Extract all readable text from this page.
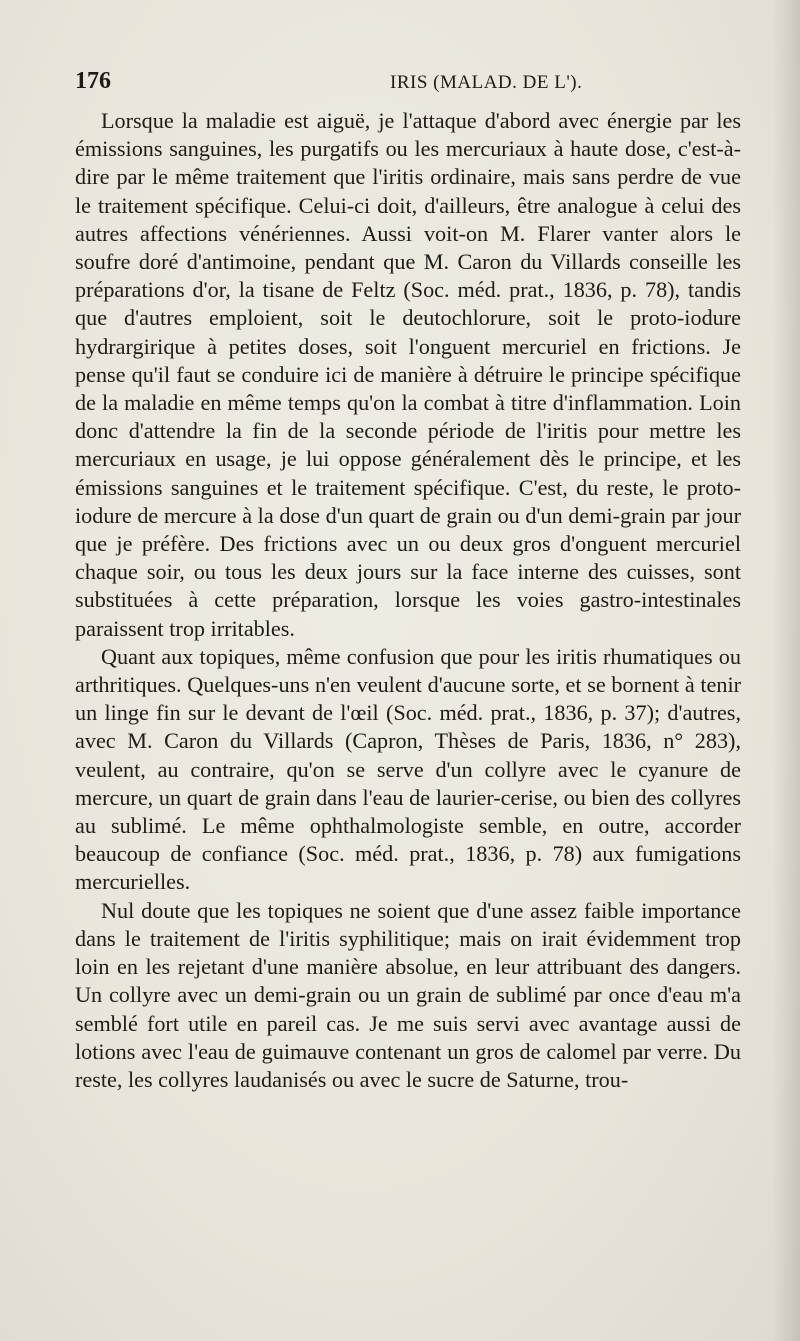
176	IRIS (MALAD. DE L').

Lorsque la maladie est aiguë, je l'attaque d'abord avec énergie par les émissions sanguines, les purgatifs ou les mercuriaux à haute dose, c'est-à-dire par le même traitement que l'iritis ordinaire, mais sans perdre de vue le traitement spécifique. Celui-ci doit, d'ailleurs, être analogue à celui des autres affections vénériennes. Aussi voit-on M. Flarer vanter alors le soufre doré d'antimoine, pendant que M. Caron du Villards conseille les préparations d'or, la tisane de Feltz (Soc. méd. prat., 1836, p. 78), tandis que d'autres emploient, soit le deutochlorure, soit le proto-iodure hydrargirique à petites doses, soit l'onguent mercuriel en frictions. Je pense qu'il faut se conduire ici de manière à détruire le principe spécifique de la maladie en même temps qu'on la combat à titre d'inflammation. Loin donc d'attendre la fin de la seconde période de l'iritis pour mettre les mercuriaux en usage, je lui oppose généralement dès le principe, et les émissions sanguines et le traitement spécifique. C'est, du reste, le proto-iodure de mercure à la dose d'un quart de grain ou d'un demi-grain par jour que je préfère. Des frictions avec un ou deux gros d'onguent mercuriel chaque soir, ou tous les deux jours sur la face interne des cuisses, sont substituées à cette préparation, lorsque les voies gastro-intestinales paraissent trop irritables.

Quant aux topiques, même confusion que pour les iritis rhumatiques ou arthritiques. Quelques-uns n'en veulent d'aucune sorte, et se bornent à tenir un linge fin sur le devant de l'œil (Soc. méd. prat., 1836, p. 37); d'autres, avec M. Caron du Villards (Capron, Thèses de Paris, 1836, n° 283), veulent, au contraire, qu'on se serve d'un collyre avec le cyanure de mercure, un quart de grain dans l'eau de laurier-cerise, ou bien des collyres au sublimé. Le même ophthalmologiste semble, en outre, accorder beaucoup de confiance (Soc. méd. prat., 1836, p. 78) aux fumigations mercurielles.

Nul doute que les topiques ne soient que d'une assez faible importance dans le traitement de l'iritis syphilitique; mais on irait évidemment trop loin en les rejetant d'une manière absolue, en leur attribuant des dangers. Un collyre avec un demi-grain ou un grain de sublimé par once d'eau m'a semblé fort utile en pareil cas. Je me suis servi avec avantage aussi de lotions avec l'eau de guimauve contenant un gros de calomel par verre. Du reste, les collyres laudanisés ou avec le sucre de Saturne, trou-
